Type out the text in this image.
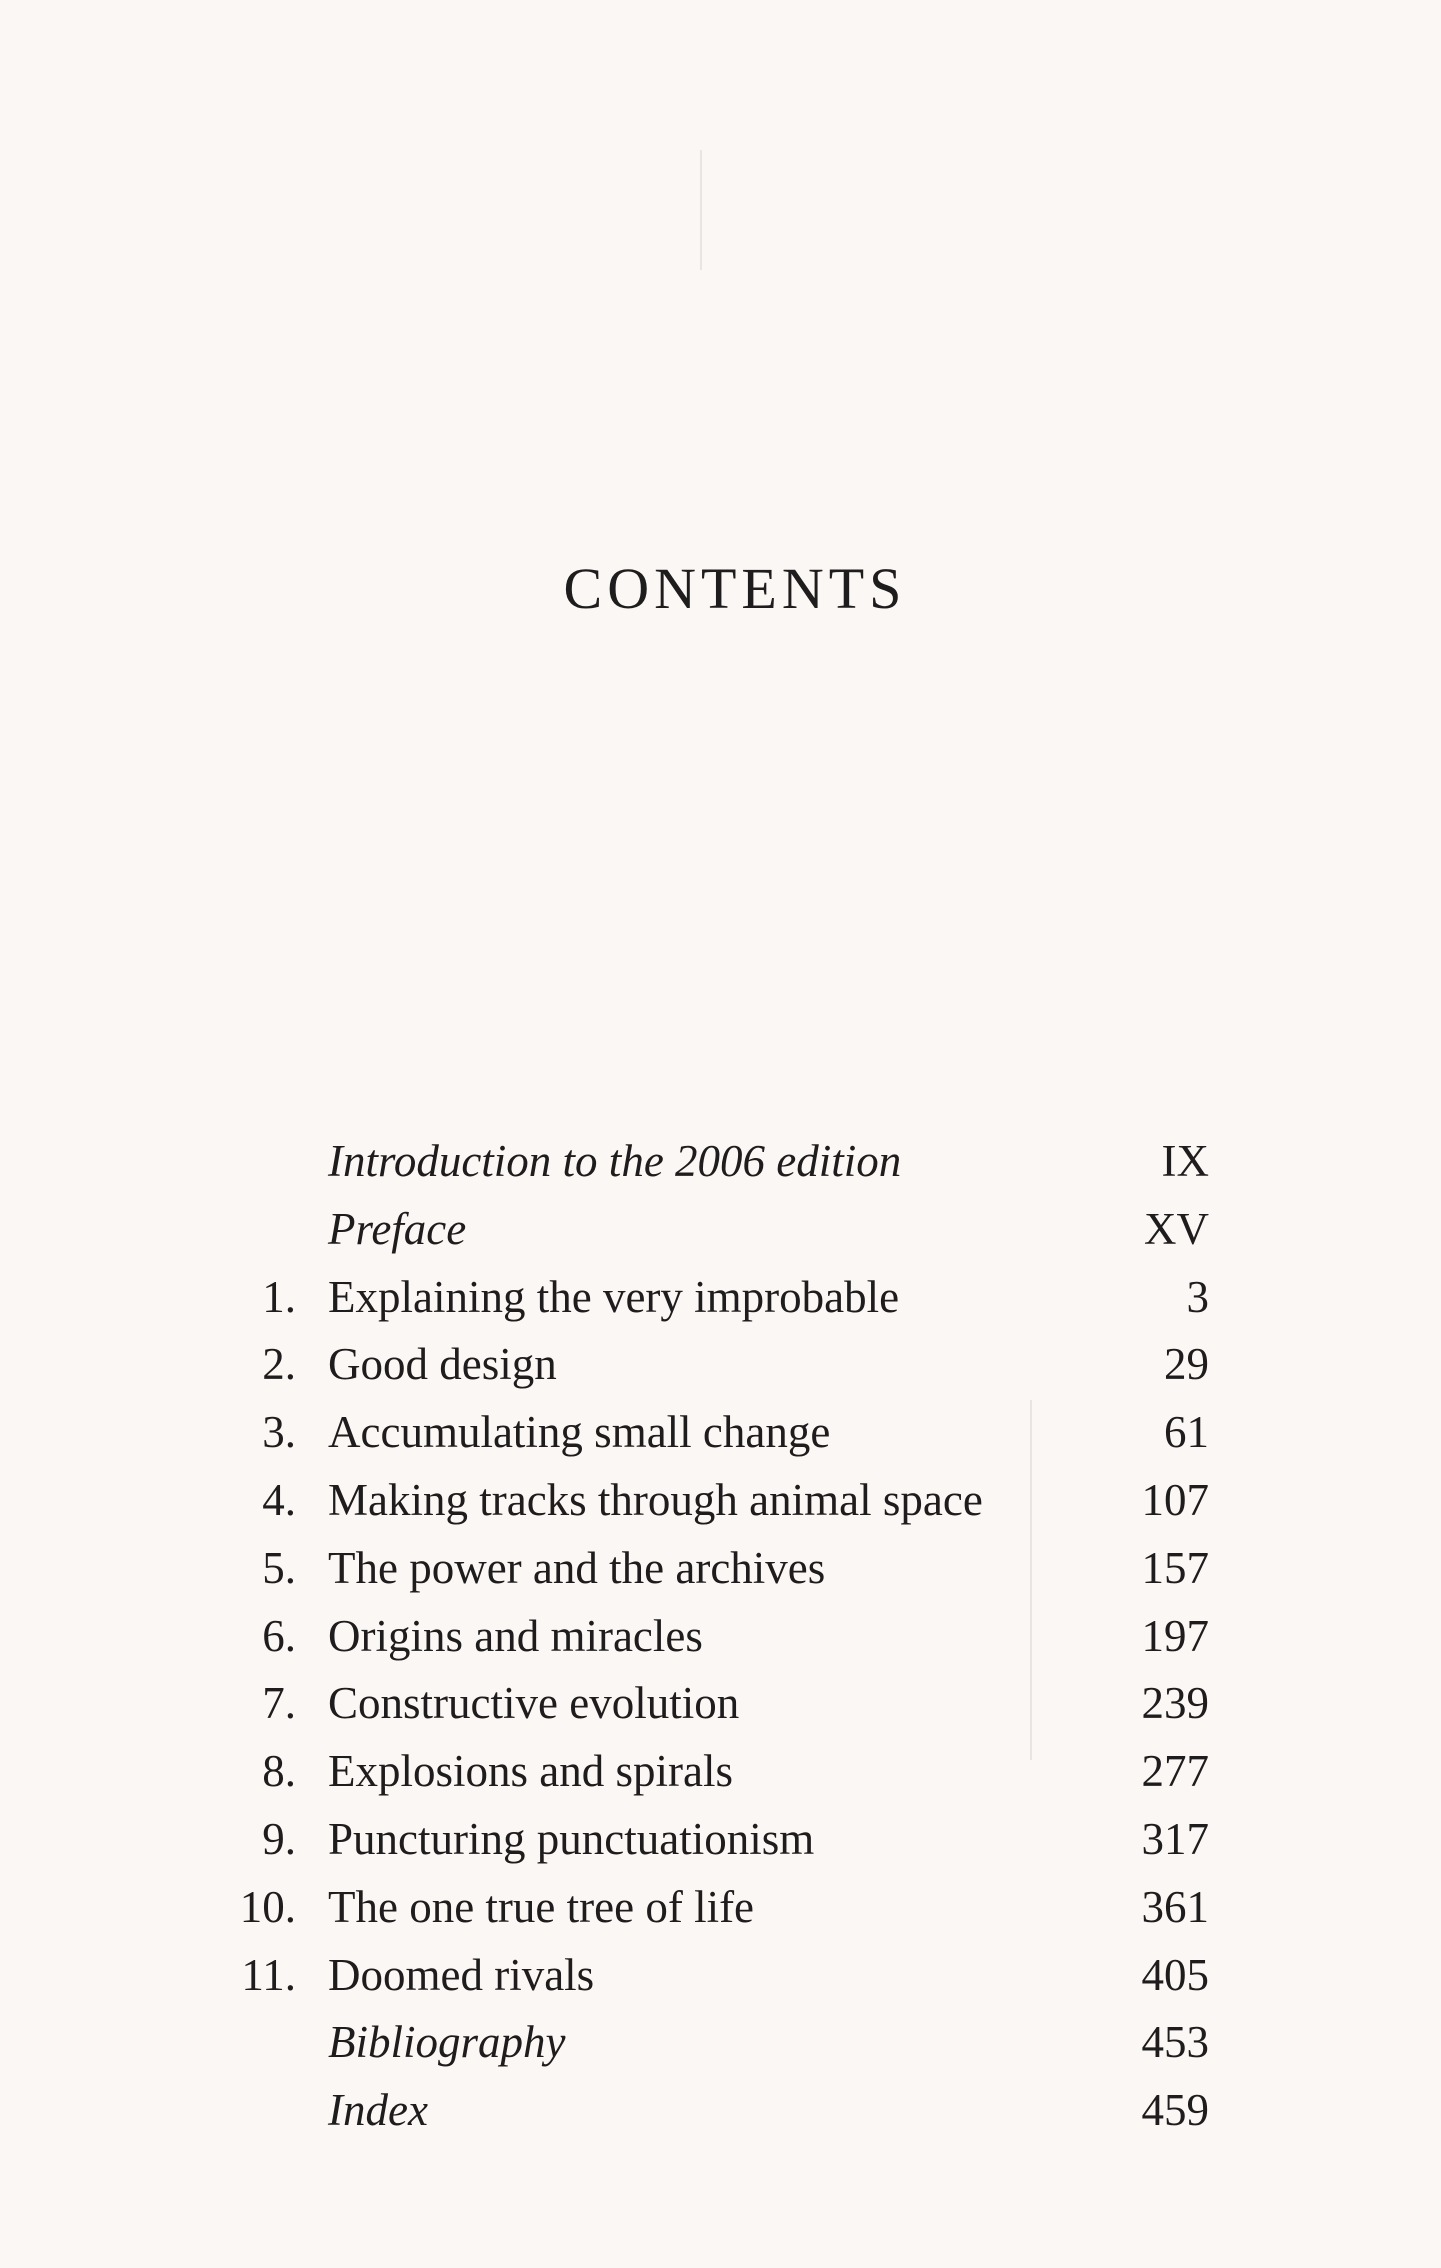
CONTENTS
Introduction to the 2006 edition	IX
Preface	XV
1. Explaining the very improbable	3
2. Good design	29
3. Accumulating small change	61
4. Making tracks through animal space	107
5. The power and the archives	157
6. Origins and miracles	197
7. Constructive evolution	239
8. Explosions and spirals	277
9. Puncturing punctuationism	317
10. The one true tree of life	361
11. Doomed rivals	405
Bibliography	453
Index	459
